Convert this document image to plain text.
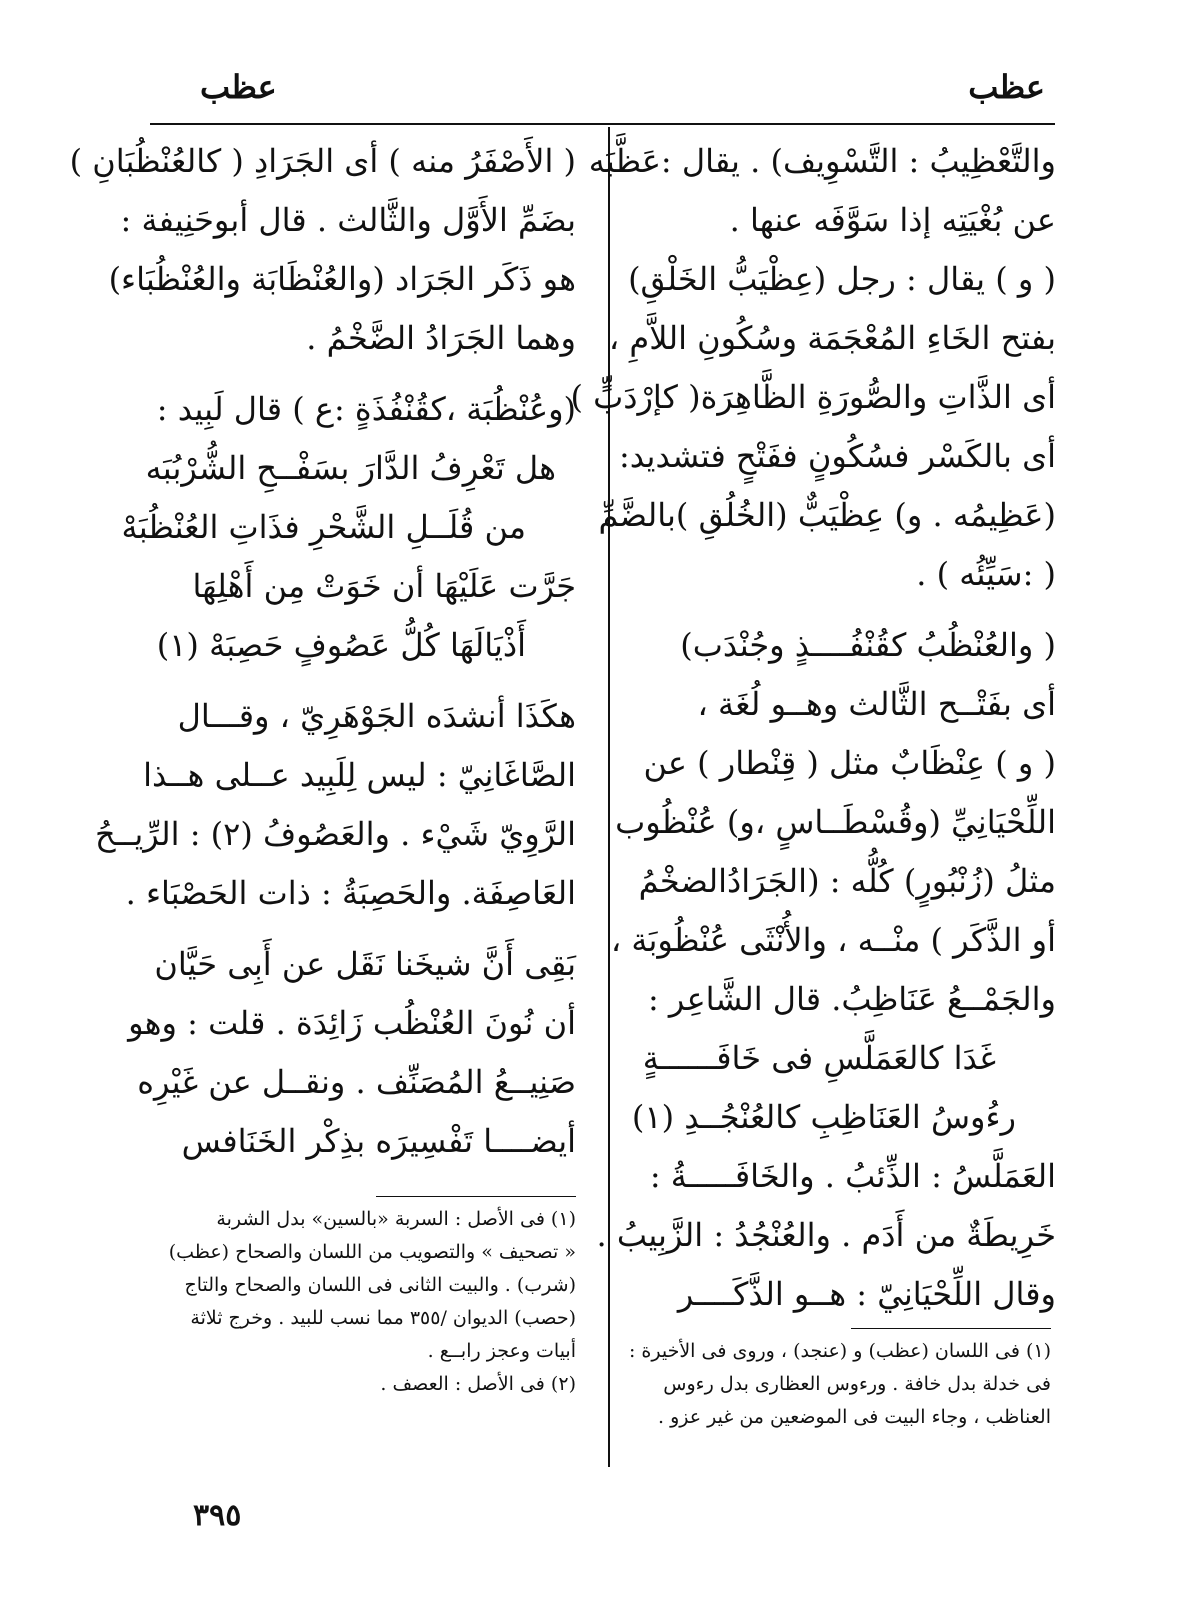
عظب
عظب
والتَّعْظِيبُ : التَّسْوِيف) . يقال :عَظَّبَه
عن بُغْيَتِه إذا سَوَّفَه عنها .
( و ) يقال : رجل (عِظْيَبُّ الخَلْقِ)
بفتح الخَاءِ المُعْجَمَة وسُكُونِ اللاَّمِ ،
أى الذَّاتِ والصُّورَةِ الظَّاهِرَة( كإرْدَبٍّ )
أى بالكَسْر فسُكُونٍ ففَتْحٍ فتشديد:
(عَظِيمُه . و) عِظْيَبٌّ (الخُلُقِ )بالضَّمِّ
( :سَيِّئُه ) .
( والعُنْظُبُ كقُنْفُــــذٍ وجُنْدَب)
أى بفَتْــح الثَّالث وهــو لُغَة ،
( و ) عِنْظَابٌ مثل ( قِنْطار ) عن
اللِّحْيَانِيِّ (وقُسْطَــاسٍ ،و) عُنْظُوب
مثلُ (زُنْبُورٍ) كُلُّه : (الجَرَادُالضخْمُ
أو الذَّكَر ) منْــه ، والأُنْثَى عُنْظُوبَة ،
والجَمْــعُ عَنَاظِبُ. قال الشَّاعِر :
غَدَا كالعَمَلَّسِ فى خَافَــــــةٍ
رءُوسُ العَنَاظِبِ كالعُنْجُــدِ (١)
العَمَلَّسُ : الذِّئبُ . والخَافَـــــةُ :
خَرِيطَةٌ من أَدَم . والعُنْجُدُ : الزَّبِيبُ .
وقال اللِّحْيَانِيّ : هــو الذَّكَــــر
(١) فى اللسان (عظب) و (عنجد) ، وروى فى الأخيرة :
فى خدلة بدل خافة . ورءوس العظارى بدل رءوس
العناظب ، وجاء البيت فى الموضعين من غير عزو .
( الأَصْفَرُ منه ) أى الجَرَادِ ( كالعُنْظُبَانِ )
بضَمِّ الأَوَّل والثَّالث . قال أبوحَنِيفة :
هو ذَكَر الجَرَاد (والعُنْظَابَة والعُنْظُبَاء)
وهما الجَرَادُ الضَّخْمُ .
(وعُنْظُبَة ،كقُنْفُذَةٍ :ع ) قال لَبِيد :
هل تَعْرِفُ الدَّارَ بسَفْــحِ الشُّرْبُبَه
من قُلَــلِ الشَّحْرِ فذَاتِ العُنْظُبَهْ
جَرَّت عَلَيْهَا أن خَوَتْ مِن أَهْلِهَا
أَذْيَالَهَا كُلُّ عَصُوفٍ حَصِبَهْ (١)
هكَذَا أنشدَه الجَوْهَرِيّ ، وقـــال
الصَّاغَانِيّ : ليس لِلَبِيد عــلى هــذا
الرَّوِيّ شَيْء . والعَصُوفُ (٢) : الرِّيــحُ
العَاصِفَة. والحَصِبَةُ : ذات الحَصْبَاء .
بَقِى أَنَّ شيخَنا نَقَل عن أَبِى حَيَّان
أن نُونَ العُنْظُب زَائِدَة . قلت : وهو
صَنِيــعُ المُصَنِّف . ونقــل عن غَيْرِه
أيضــــا تَفْسِيرَه بذِكْر الخَنَافس
(١) فى الأصل : السربة «بالسين» بدل الشربة
« تصحيف » والتصويب من اللسان والصحاح (عظب)
(شرب) . والبيت الثانى فى اللسان والصحاح والتاج
(حصب) الديوان /٣٥٥ مما نسب للبيد . وخرج ثلاثة
أبيات وعجز رابــع .
(٢) فى الأصل : العصف .
٣٩٥
